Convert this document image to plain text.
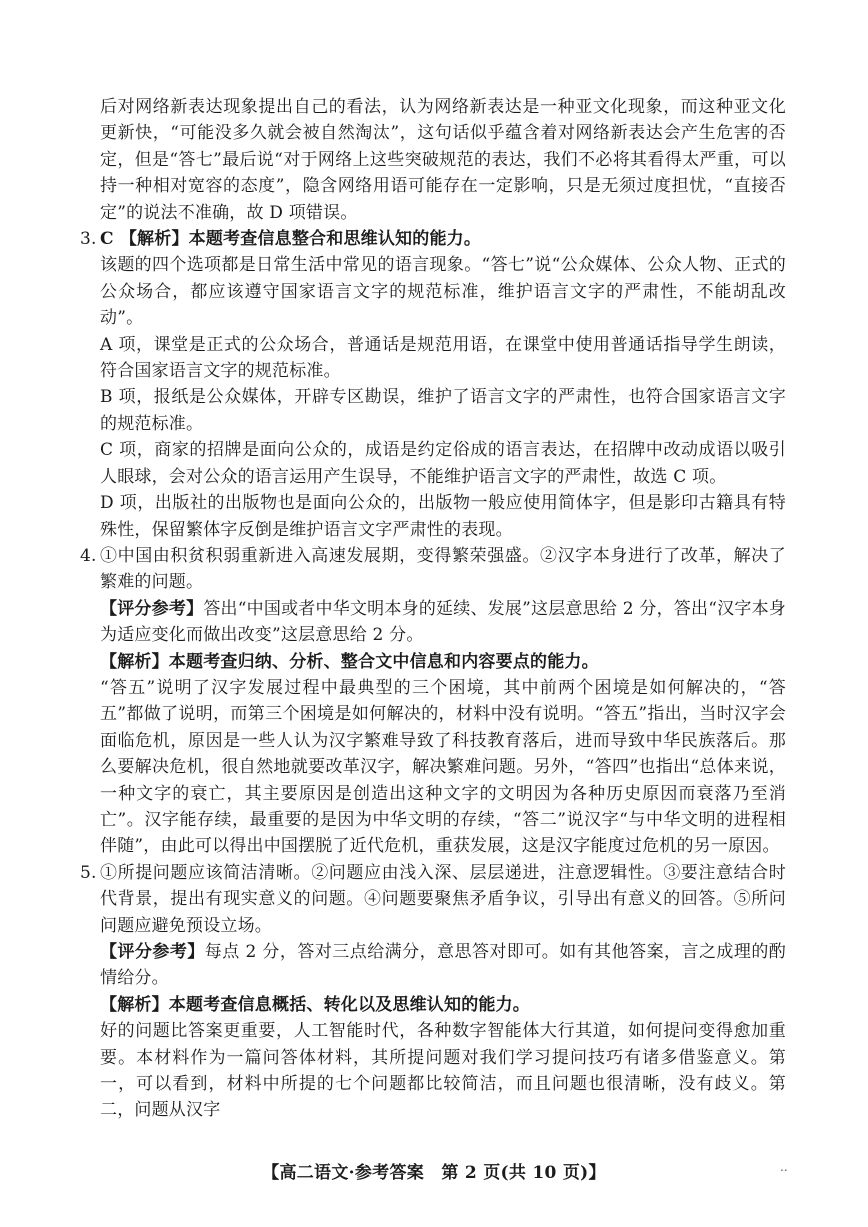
后对网络新表达现象提出自己的看法，认为网络新表达是一种亚文化现象，而这种亚文化更新快，“可能没多久就会被自然淘汰”，这句话似乎蕴含着对网络新表达会产生危害的否定，但是“答七”最后说“对于网络上这些突破规范的表达，我们不必将其看得太严重，可以持一种相对宽容的态度”，隐含网络用语可能存在一定影响，只是无须过度担忧，“直接否定”的说法不准确，故 D 项错误。

3. C 【解析】本题考查信息整合和思维认知的能力。

该题的四个选项都是日常生活中常见的语言现象。“答七”说“公众媒体、公众人物、正式的公众场合，都应该遵守国家语言文字的规范标准，维护语言文字的严肃性，不能胡乱改动”。

A 项，课堂是正式的公众场合，普通话是规范用语，在课堂中使用普通话指导学生朗读，符合国家语言文字的规范标准。

B 项，报纸是公众媒体，开辟专区勘误，维护了语言文字的严肃性，也符合国家语言文字的规范标准。

C 项，商家的招牌是面向公众的，成语是约定俗成的语言表达，在招牌中改动成语以吸引人眼球，会对公众的语言运用产生误导，不能维护语言文字的严肃性，故选 C 项。

D 项，出版社的出版物也是面向公众的，出版物一般应使用简体字，但是影印古籍具有特殊性，保留繁体字反倒是维护语言文字严肃性的表现。

4. ①中国由积贫积弱重新进入高速发展期，变得繁荣强盛。②汉字本身进行了改革，解决了繁难的问题。

【评分参考】答出“中国或者中华文明本身的延续、发展”这层意思给 2 分，答出“汉字本身为适应变化而做出改变”这层意思给 2 分。

【解析】本题考查归纳、分析、整合文中信息和内容要点的能力。

“答五”说明了汉字发展过程中最典型的三个困境，其中前两个困境是如何解决的，“答五”都做了说明，而第三个困境是如何解决的，材料中没有说明。“答五”指出，当时汉字会面临危机，原因是一些人认为汉字繁难导致了科技教育落后，进而导致中华民族落后。那么要解决危机，很自然地就要改革汉字，解决繁难问题。另外，“答四”也指出“总体来说，一种文字的衰亡，其主要原因是创造出这种文字的文明因为各种历史原因而衰落乃至消亡”。汉字能存续，最重要的是因为中华文明的存续，“答二”说汉字“与中华文明的进程相伴随”，由此可以得出中国摆脱了近代危机，重获发展，这是汉字能度过危机的另一原因。

5. ①所提问题应该简洁清晰。②问题应由浅入深、层层递进，注意逻辑性。③要注意结合时代背景，提出有现实意义的问题。④问题要聚焦矛盾争议，引导出有意义的回答。⑤所问问题应避免预设立场。

【评分参考】每点 2 分，答对三点给满分，意思答对即可。如有其他答案，言之成理的酌情给分。

【解析】本题考查信息概括、转化以及思维认知的能力。

好的问题比答案更重要，人工智能时代，各种数字智能体大行其道，如何提问变得愈加重要。本材料作为一篇问答体材料，其所提问题对我们学习提问技巧有诸多借鉴意义。第一，可以看到，材料中所提的七个问题都比较简洁，而且问题也很清晰，没有歧义。第二，问题从汉字

【高二语文·参考答案　第 2 页(共 10 页)】	..
